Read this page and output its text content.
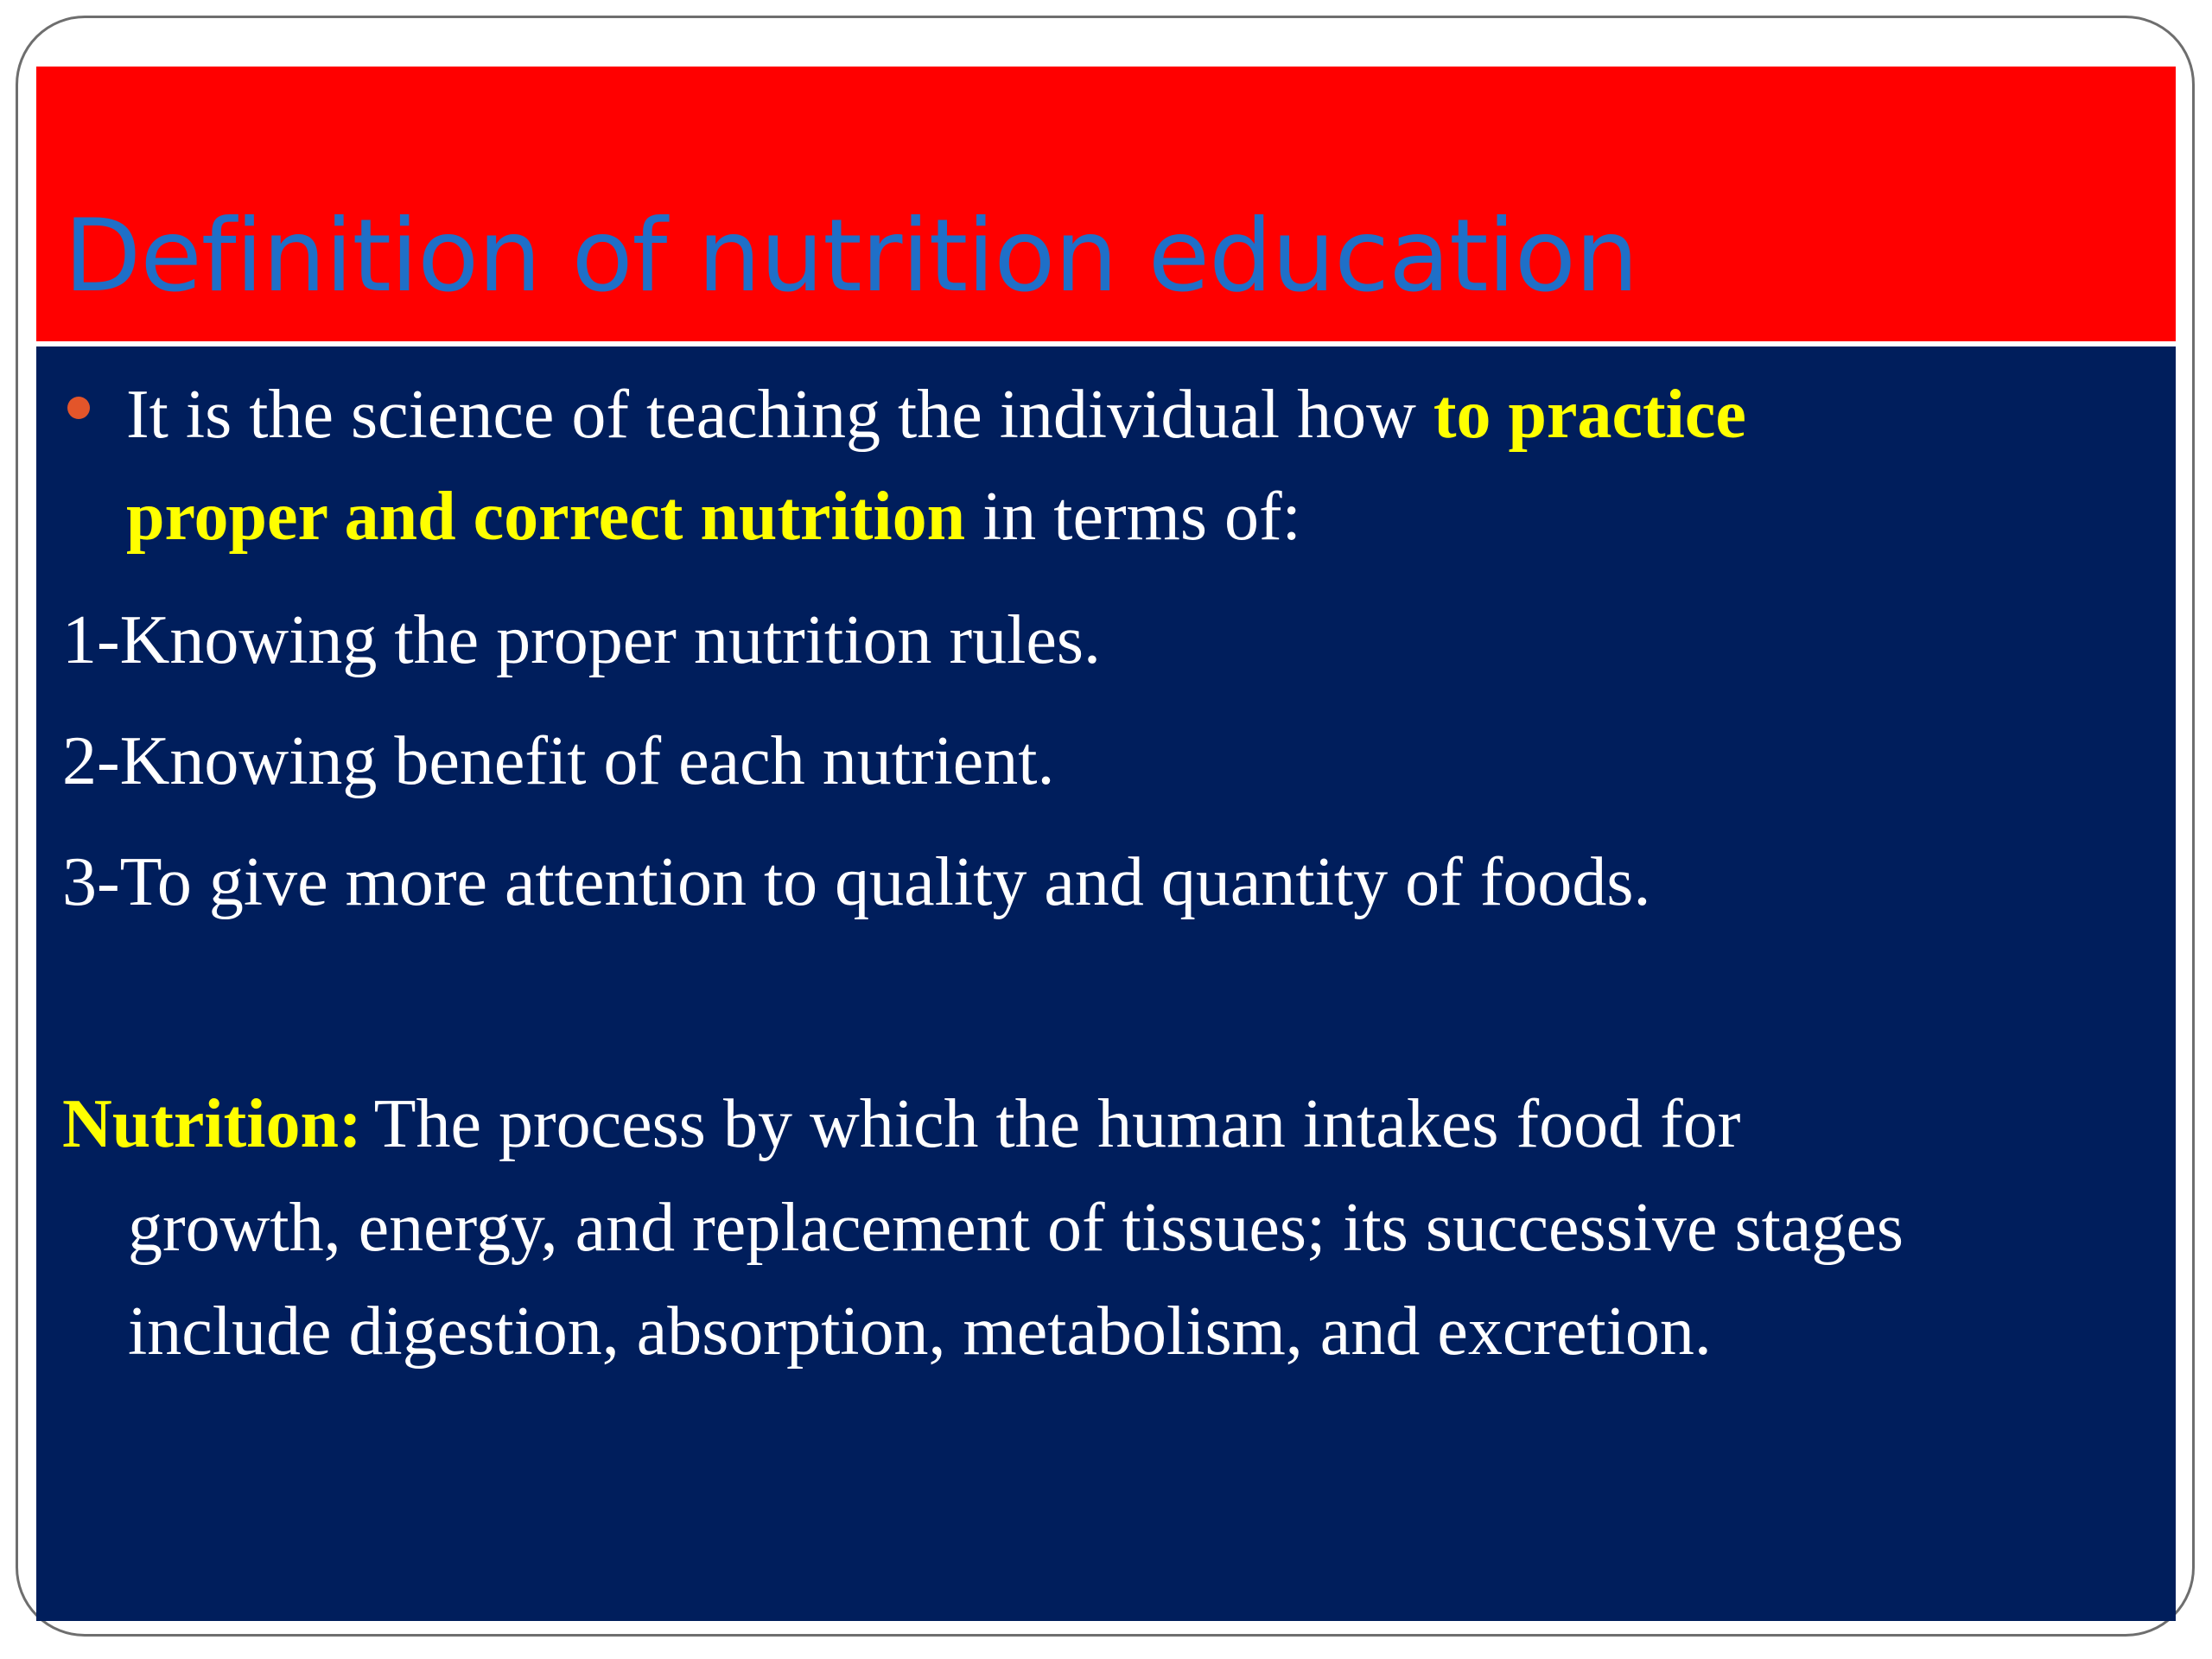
Definition of nutrition education

It is the science of teaching the individual how to practice
proper and correct nutrition in terms of:

1-Knowing the proper nutrition rules.

2-Knowing benefit of each nutrient.

3-To give more attention to quality and quantity of foods.

Nutrition: The process by which the human intakes food for
growth, energy, and replacement of tissues; its successive stages
include digestion, absorption, metabolism, and excretion.
